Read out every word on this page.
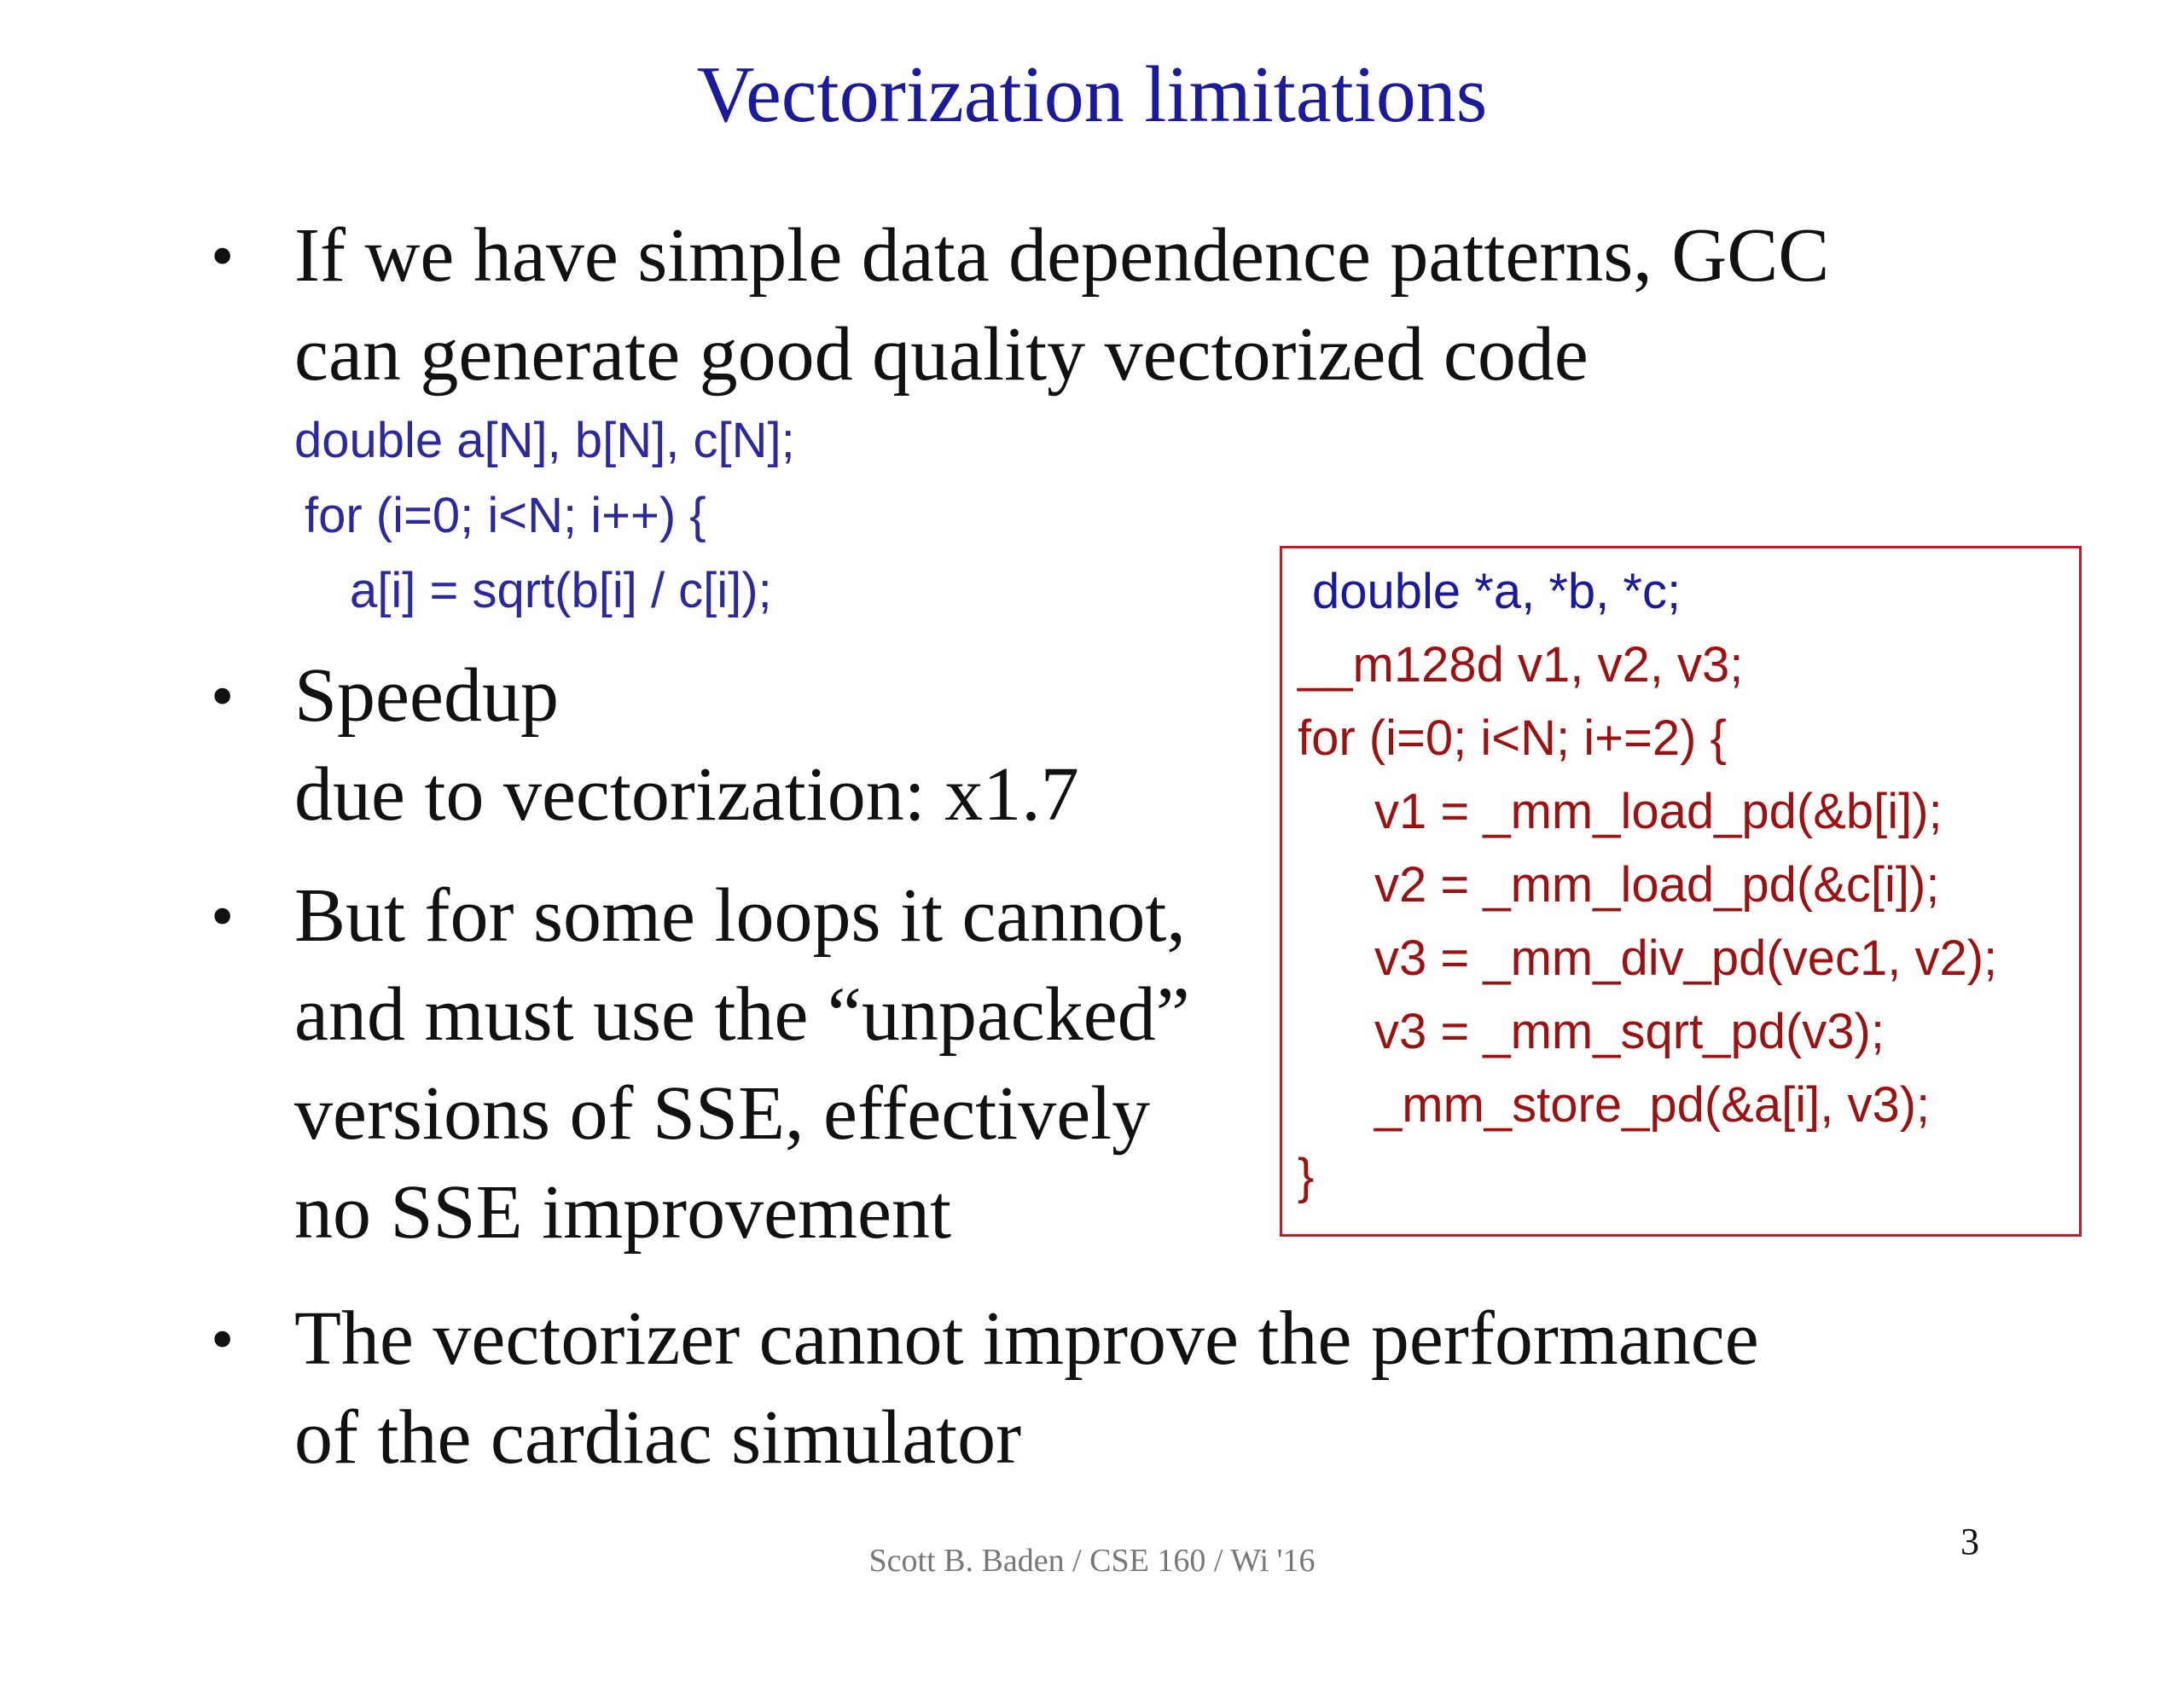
Vectorization limitations
• If we have simple data dependence patterns, GCC
can generate good quality vectorized code
double a[N], b[N], c[N];
for (i=0; i<N; i++) {
a[i] = sqrt(b[i] / c[i]);
• Speedup
due to vectorization: x1.7
• But for some loops it cannot,
and must use the “unpacked”
versions of SSE, effectively
no SSE improvement
double *a, *b, *c;
__m128d v1, v2, v3;
for (i=0; i<N; i+=2) {
v1 = _mm_load_pd(&b[i]);
v2 = _mm_load_pd(&c[i]);
v3 = _mm_div_pd(vec1, v2);
v3 = _mm_sqrt_pd(v3);
_mm_store_pd(&a[i], v3);
}
• The vectorizer cannot improve the performance
of the cardiac simulator
Scott B. Baden / CSE 160 / Wi '16	3
